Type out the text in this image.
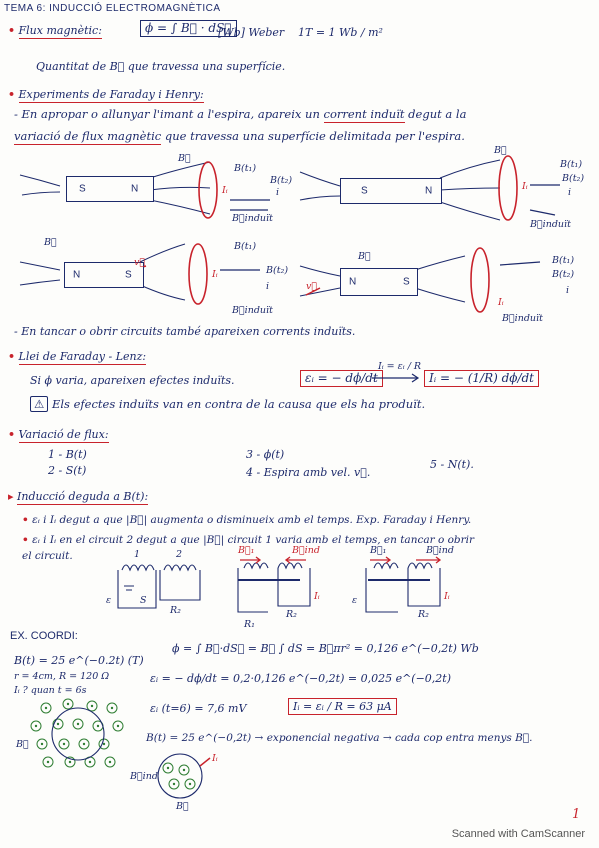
TEMA 6: INDUCCIÓ ELECTROMAGNÈTICA
• Flux magnètic:	ϕ = ∫ B⃗ · dS⃗
[Wb] Weber 1T = 1 Wb / m²
Quantitat de B⃗ que travessa una superfície.
• Experiments de Faraday i Henry:
- En apropar o allunyar l'imant a l'espira, apareix un corrent induït degut a la
variació de flux magnètic que travessa una superfície delimitada per l'espira.
S	N	S	N
N	S
N	S
B⃗
B(t₁)
B(t₂)
Iᵢ	i
B⃗induït
B⃗
B(t₁)
B(t₂)
Iᵢ
i
B⃗induït
B⃗	B(t₁)
B(t₂)
v⃗
Iᵢ
i
B⃗induït
B⃗
v⃗
B(t₁)
B(t₂)
i
Iᵢ
B⃗induït
- En tancar o obrir circuits també apareixen corrents induïts.
• Llei de Faraday - Lenz:
Si ϕ varia, apareixen efectes induïts.	εᵢ = − dϕ/dt
Iᵢ = εᵢ / R
Iᵢ = − (1/R) dϕ/dt
⚠ Els efectes induïts van en contra de la causa que els ha produït.
• Variació de flux:
1 - B(t)
2 - S(t)
3 - ϕ(t)
4 - Espira amb vel. v⃗.
5 - N(t).
▸ Inducció deguda a B(t):
• εᵢ i Iᵢ degut a que |B⃗| augmenta o disminueix amb el temps. Exp. Faraday i Henry.
• εᵢ i Iᵢ en el circuit 2 degut a que |B⃗| circuit 1 varia amb el temps, en tancar o obrir
el circuit.	1	2
ε	S
R₂
B⃗₁	B⃗ind
R₁
R₂
Iᵢ
B⃗₁	B⃗ind
ε
R₂
Iᵢ
EX. COORDI:
B(t) = 25 e^(−0.2t) (T)
r = 4cm, R = 120 Ω
Iᵢ ? quan t = 6s
ϕ = ∫ B⃗·dS⃗ = B⃗ ∫ dS = B⃗πr² = 0,126 e^(−0,2t) Wb
εᵢ = − dϕ/dt = 0,2·0,126 e^(−0,2t) = 0,025 e^(−0,2t)
εᵢ (t=6) = 7,6 mV	Iᵢ = εᵢ / R = 63 μA
B(t) = 25 e^(−0,2t) → exponencial negativa → cada cop entra menys B⃗.
B⃗
B⃗ind
B⃗
Iᵢ
1
Scanned with CamScanner
